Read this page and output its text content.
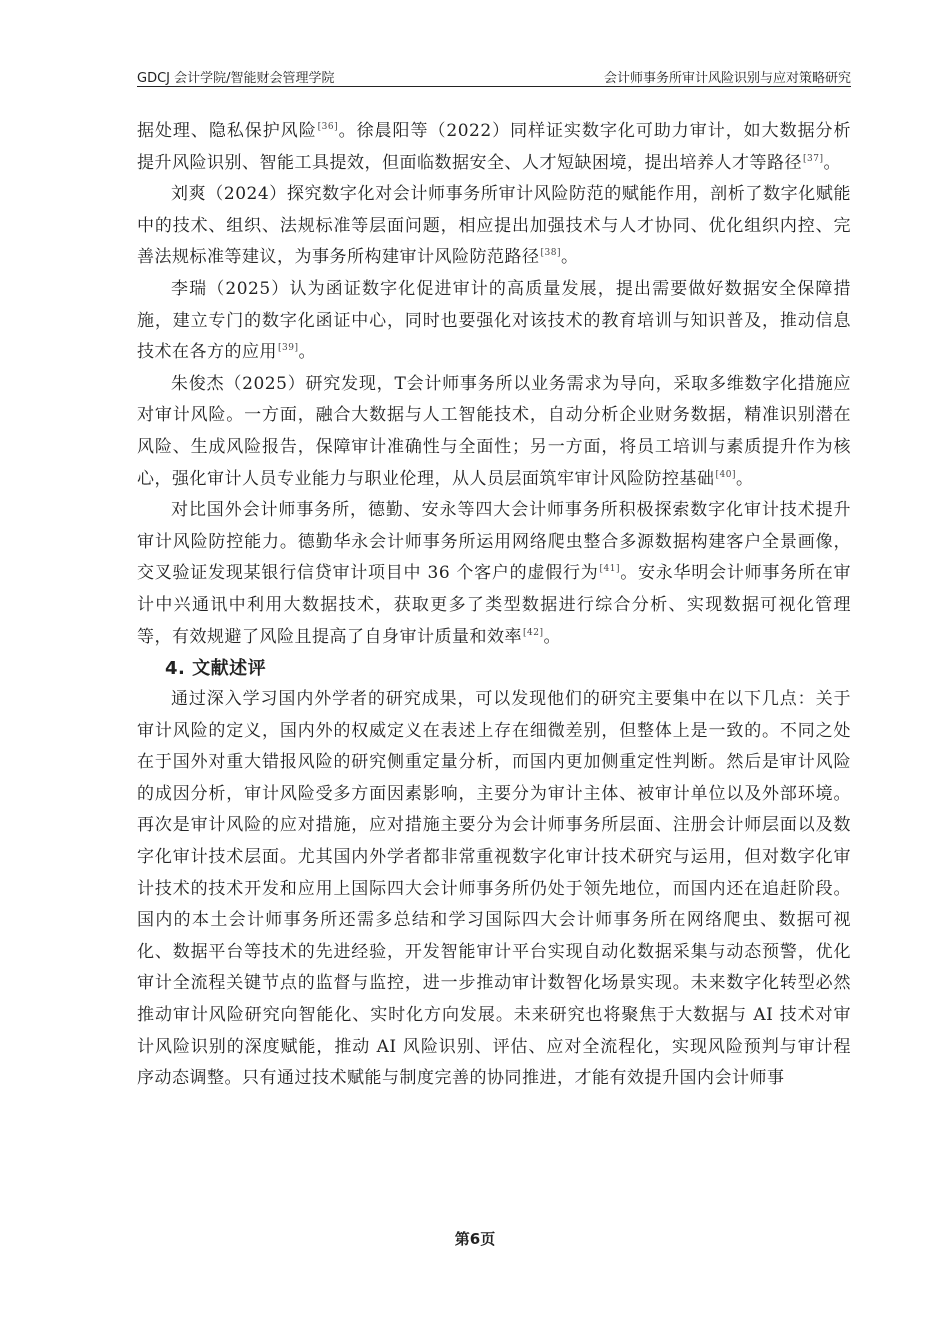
GDCJ 会计学院/智能财会管理学院	会计师事务所审计风险识别与应对策略研究

据处理、隐私保护风险[36]。徐晨阳等（2022）同样证实数字化可助力审计，如大数据分析提升风险识别、智能工具提效，但面临数据安全、人才短缺困境，提出培养人才等路径[37]。

刘爽（2024）探究数字化对会计师事务所审计风险防范的赋能作用，剖析了数字化赋能中的技术、组织、法规标准等层面问题，相应提出加强技术与人才协同、优化组织内控、完善法规标准等建议，为事务所构建审计风险防范路径[38]。

李瑞（2025）认为函证数字化促进审计的高质量发展，提出需要做好数据安全保障措施，建立专门的数字化函证中心，同时也要强化对该技术的教育培训与知识普及，推动信息技术在各方的应用[39]。

朱俊杰（2025）研究发现，T会计师事务所以业务需求为导向，采取多维数字化措施应对审计风险。一方面，融合大数据与人工智能技术，自动分析企业财务数据，精准识别潜在风险、生成风险报告，保障审计准确性与全面性；另一方面，将员工培训与素质提升作为核心，强化审计人员专业能力与职业伦理，从人员层面筑牢审计风险防控基础[40]。

对比国外会计师事务所，德勤、安永等四大会计师事务所积极探索数字化审计技术提升审计风险防控能力。德勤华永会计师事务所运用网络爬虫整合多源数据构建客户全景画像，交叉验证发现某银行信贷审计项目中 36 个客户的虚假行为[41]。安永华明会计师事务所在审计中兴通讯中利用大数据技术，获取更多了类型数据进行综合分析、实现数据可视化管理等，有效规避了风险且提高了自身审计质量和效率[42]。

4. 文献述评

通过深入学习国内外学者的研究成果，可以发现他们的研究主要集中在以下几点：关于审计风险的定义，国内外的权威定义在表述上存在细微差别，但整体上是一致的。不同之处在于国外对重大错报风险的研究侧重定量分析，而国内更加侧重定性判断。然后是审计风险的成因分析，审计风险受多方面因素影响，主要分为审计主体、被审计单位以及外部环境。再次是审计风险的应对措施，应对措施主要分为会计师事务所层面、注册会计师层面以及数字化审计技术层面。尤其国内外学者都非常重视数字化审计技术研究与运用，但对数字化审计技术的技术开发和应用上国际四大会计师事务所仍处于领先地位，而国内还在追赶阶段。国内的本土会计师事务所还需多总结和学习国际四大会计师事务所在网络爬虫、数据可视化、数据平台等技术的先进经验，开发智能审计平台实现自动化数据采集与动态预警，优化审计全流程关键节点的监督与监控，进一步推动审计数智化场景实现。未来数字化转型必然推动审计风险研究向智能化、实时化方向发展。未来研究也将聚焦于大数据与 AI 技术对审计风险识别的深度赋能，推动 AI 风险识别、评估、应对全流程化，实现风险预判与审计程序动态调整。只有通过技术赋能与制度完善的协同推进，才能有效提升国内会计师事

第6页
